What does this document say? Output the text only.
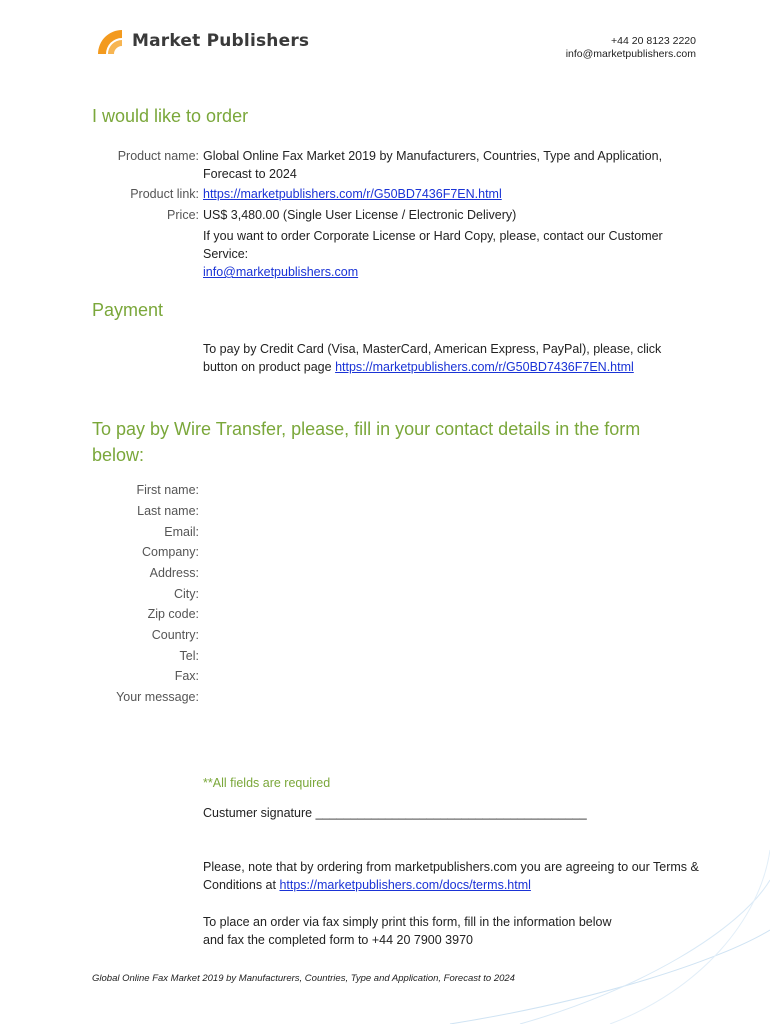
Market Publishers	+44 20 8123 2220
info@marketpublishers.com
I would like to order
Product name: Global Online Fax Market 2019 by Manufacturers, Countries, Type and Application, Forecast to 2024
Product link: https://marketpublishers.com/r/G50BD7436F7EN.html
Price: US$ 3,480.00 (Single User License / Electronic Delivery)
If you want to order Corporate License or Hard Copy, please, contact our Customer Service:
info@marketpublishers.com
Payment
To pay by Credit Card (Visa, MasterCard, American Express, PayPal), please, click button on product page https://marketpublishers.com/r/G50BD7436F7EN.html
To pay by Wire Transfer, please, fill in your contact details in the form below:
First name:
Last name:
Email:
Company:
Address:
City:
Zip code:
Country:
Tel:
Fax:
Your message:
**All fields are required
Custumer signature _______________________________________
Please, note that by ordering from marketpublishers.com you are agreeing to our Terms & Conditions at https://marketpublishers.com/docs/terms.html
To place an order via fax simply print this form, fill in the information below
and fax the completed form to +44 20 7900 3970
Global Online Fax Market 2019 by Manufacturers, Countries, Type and Application, Forecast to 2024
